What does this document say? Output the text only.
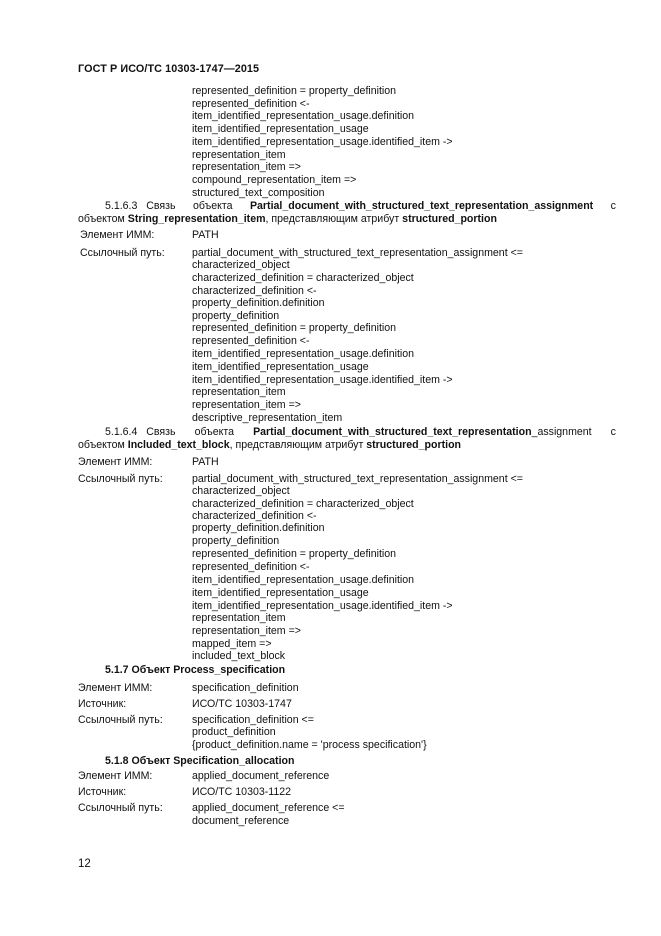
ГОСТ Р ИСО/ТС 10303-1747—2015
represented_definition = property_definition
represented_definition <-
item_identified_representation_usage.definition
item_identified_representation_usage
item_identified_representation_usage.identified_item ->
representation_item
representation_item =>
compound_representation_item =>
structured_text_composition
5.1.6.3 Связь объекта Partial_document_with_structured_text_representation_assignment с
объектом String_representation_item, представляющим атрибут structured_portion
Элемент ИММ:	PATH
Ссылочный путь:	partial_document_with_structured_text_representation_assignment <=
characterized_object
characterized_definition = characterized_object
characterized_definition <-
property_definition.definition
property_definition
represented_definition = property_definition
represented_definition <-
item_identified_representation_usage.definition
item_identified_representation_usage
item_identified_representation_usage.identified_item ->
representation_item
representation_item =>
descriptive_representation_item
5.1.6.4 Связь объекта Partial_document_with_structured_text_representation_assignment с
объектом Included_text_block, представляющим атрибут structured_portion
Элемент ИММ:	PATH
Ссылочный путь:	partial_document_with_structured_text_representation_assignment <=
characterized_object
characterized_definition = characterized_object
characterized_definition <-
property_definition.definition
property_definition
represented_definition = property_definition
represented_definition <-
item_identified_representation_usage.definition
item_identified_representation_usage
item_identified_representation_usage.identified_item ->
representation_item
representation_item =>
mapped_item =>
included_text_block
5.1.7 Объект Process_specification
Элемент ИММ:	specification_definition
Источник:	ИСО/ТС 10303-1747
Ссылочный путь:	specification_definition <=
product_definition
{product_definition.name = 'process specification'}
5.1.8 Объект Specification_allocation
Элемент ИММ:	applied_document_reference
Источник:	ИСО/ТС 10303-1122
Ссылочный путь:	applied_document_reference <=
document_reference
12
